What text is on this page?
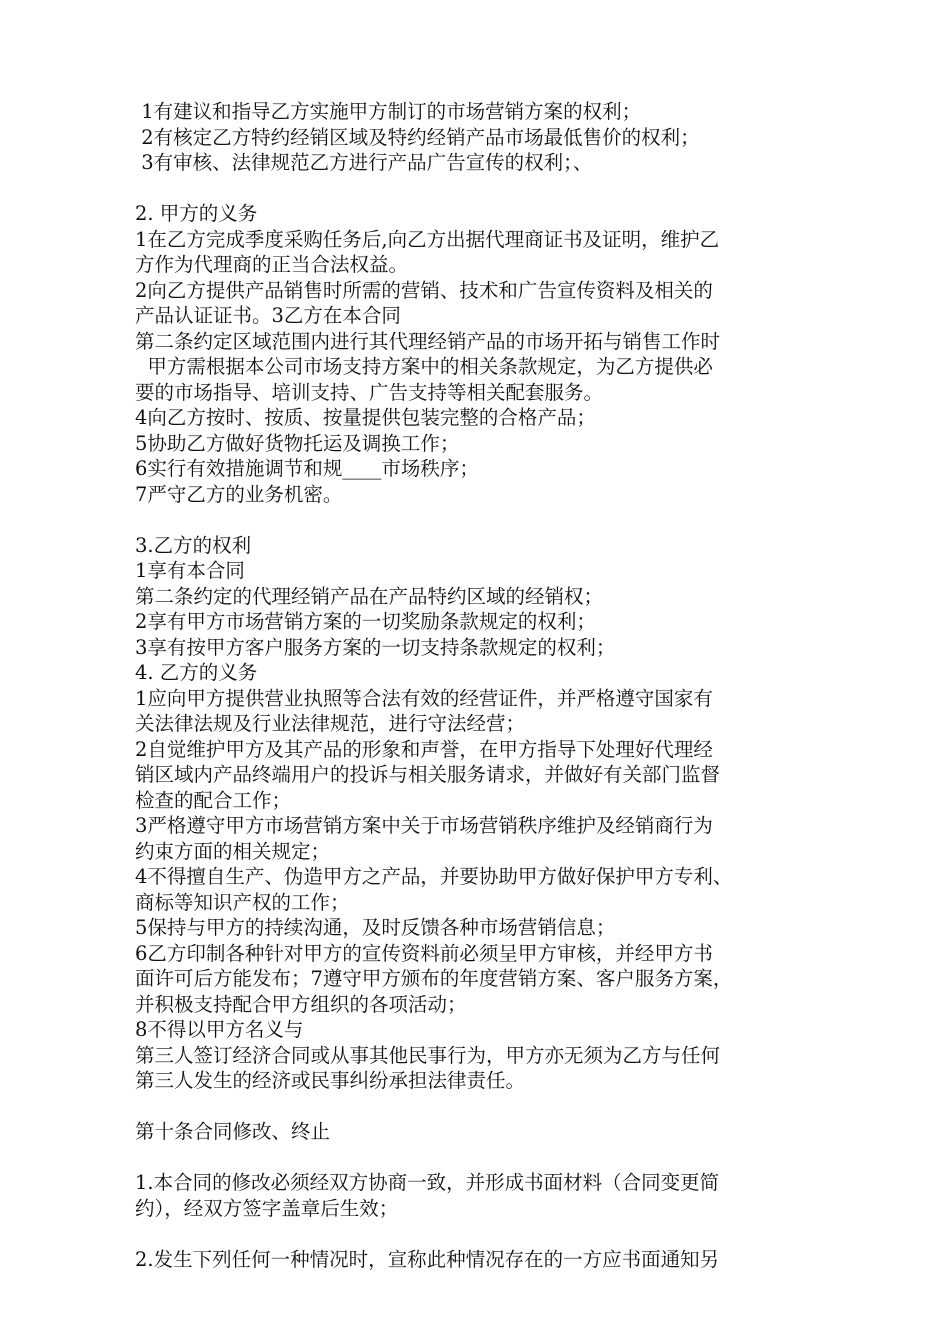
1有建议和指导乙方实施甲方制订的市场营销方案的权利；
2有核定乙方特约经销区域及特约经销产品市场最低售价的权利；
3有审核、法律规范乙方进行产品广告宣传的权利；、
2. 甲方的义务
1在乙方完成季度采购任务后,向乙方出据代理商证书及证明，维护乙
方作为代理商的正当合法权益。
2向乙方提供产品销售时所需的营销、技术和广告宣传资料及相关的
产品认证证书。3乙方在本合同
第二条约定区域范围内进行其代理经销产品的市场开拓与销售工作时
甲方需根据本公司市场支持方案中的相关条款规定，为乙方提供必
要的市场指导、培训支持、广告支持等相关配套服务。
4向乙方按时、按质、按量提供包装完整的合格产品；
5协助乙方做好货物托运及调换工作；
6实行有效措施调节和规____市场秩序；
7严守乙方的业务机密。
3.乙方的权利
1享有本合同
第二条约定的代理经销产品在产品特约区域的经销权；
2享有甲方市场营销方案的一切奖励条款规定的权利；
3享有按甲方客户服务方案的一切支持条款规定的权利；
4. 乙方的义务
1应向甲方提供营业执照等合法有效的经营证件，并严格遵守国家有
关法律法规及行业法律规范，进行守法经营；
2自觉维护甲方及其产品的形象和声誉，在甲方指导下处理好代理经
销区域内产品终端用户的投诉与相关服务请求，并做好有关部门监督
检查的配合工作；
3严格遵守甲方市场营销方案中关于市场营销秩序维护及经销商行为
约束方面的相关规定；
4不得擅自生产、伪造甲方之产品，并要协助甲方做好保护甲方专利、
商标等知识产权的工作；
5保持与甲方的持续沟通，及时反馈各种市场营销信息；
6乙方印制各种针对甲方的宣传资料前必须呈甲方审核，并经甲方书
面许可后方能发布；7遵守甲方颁布的年度营销方案、客户服务方案，
并积极支持配合甲方组织的各项活动；
8不得以甲方名义与
第三人签订经济合同或从事其他民事行为，甲方亦无须为乙方与任何
第三人发生的经济或民事纠纷承担法律责任。
第十条合同修改、终止
1.本合同的修改必须经双方协商一致，并形成书面材料（合同变更简
约），经双方签字盖章后生效；
2.发生下列任何一种情况时，宣称此种情况存在的一方应书面通知另
